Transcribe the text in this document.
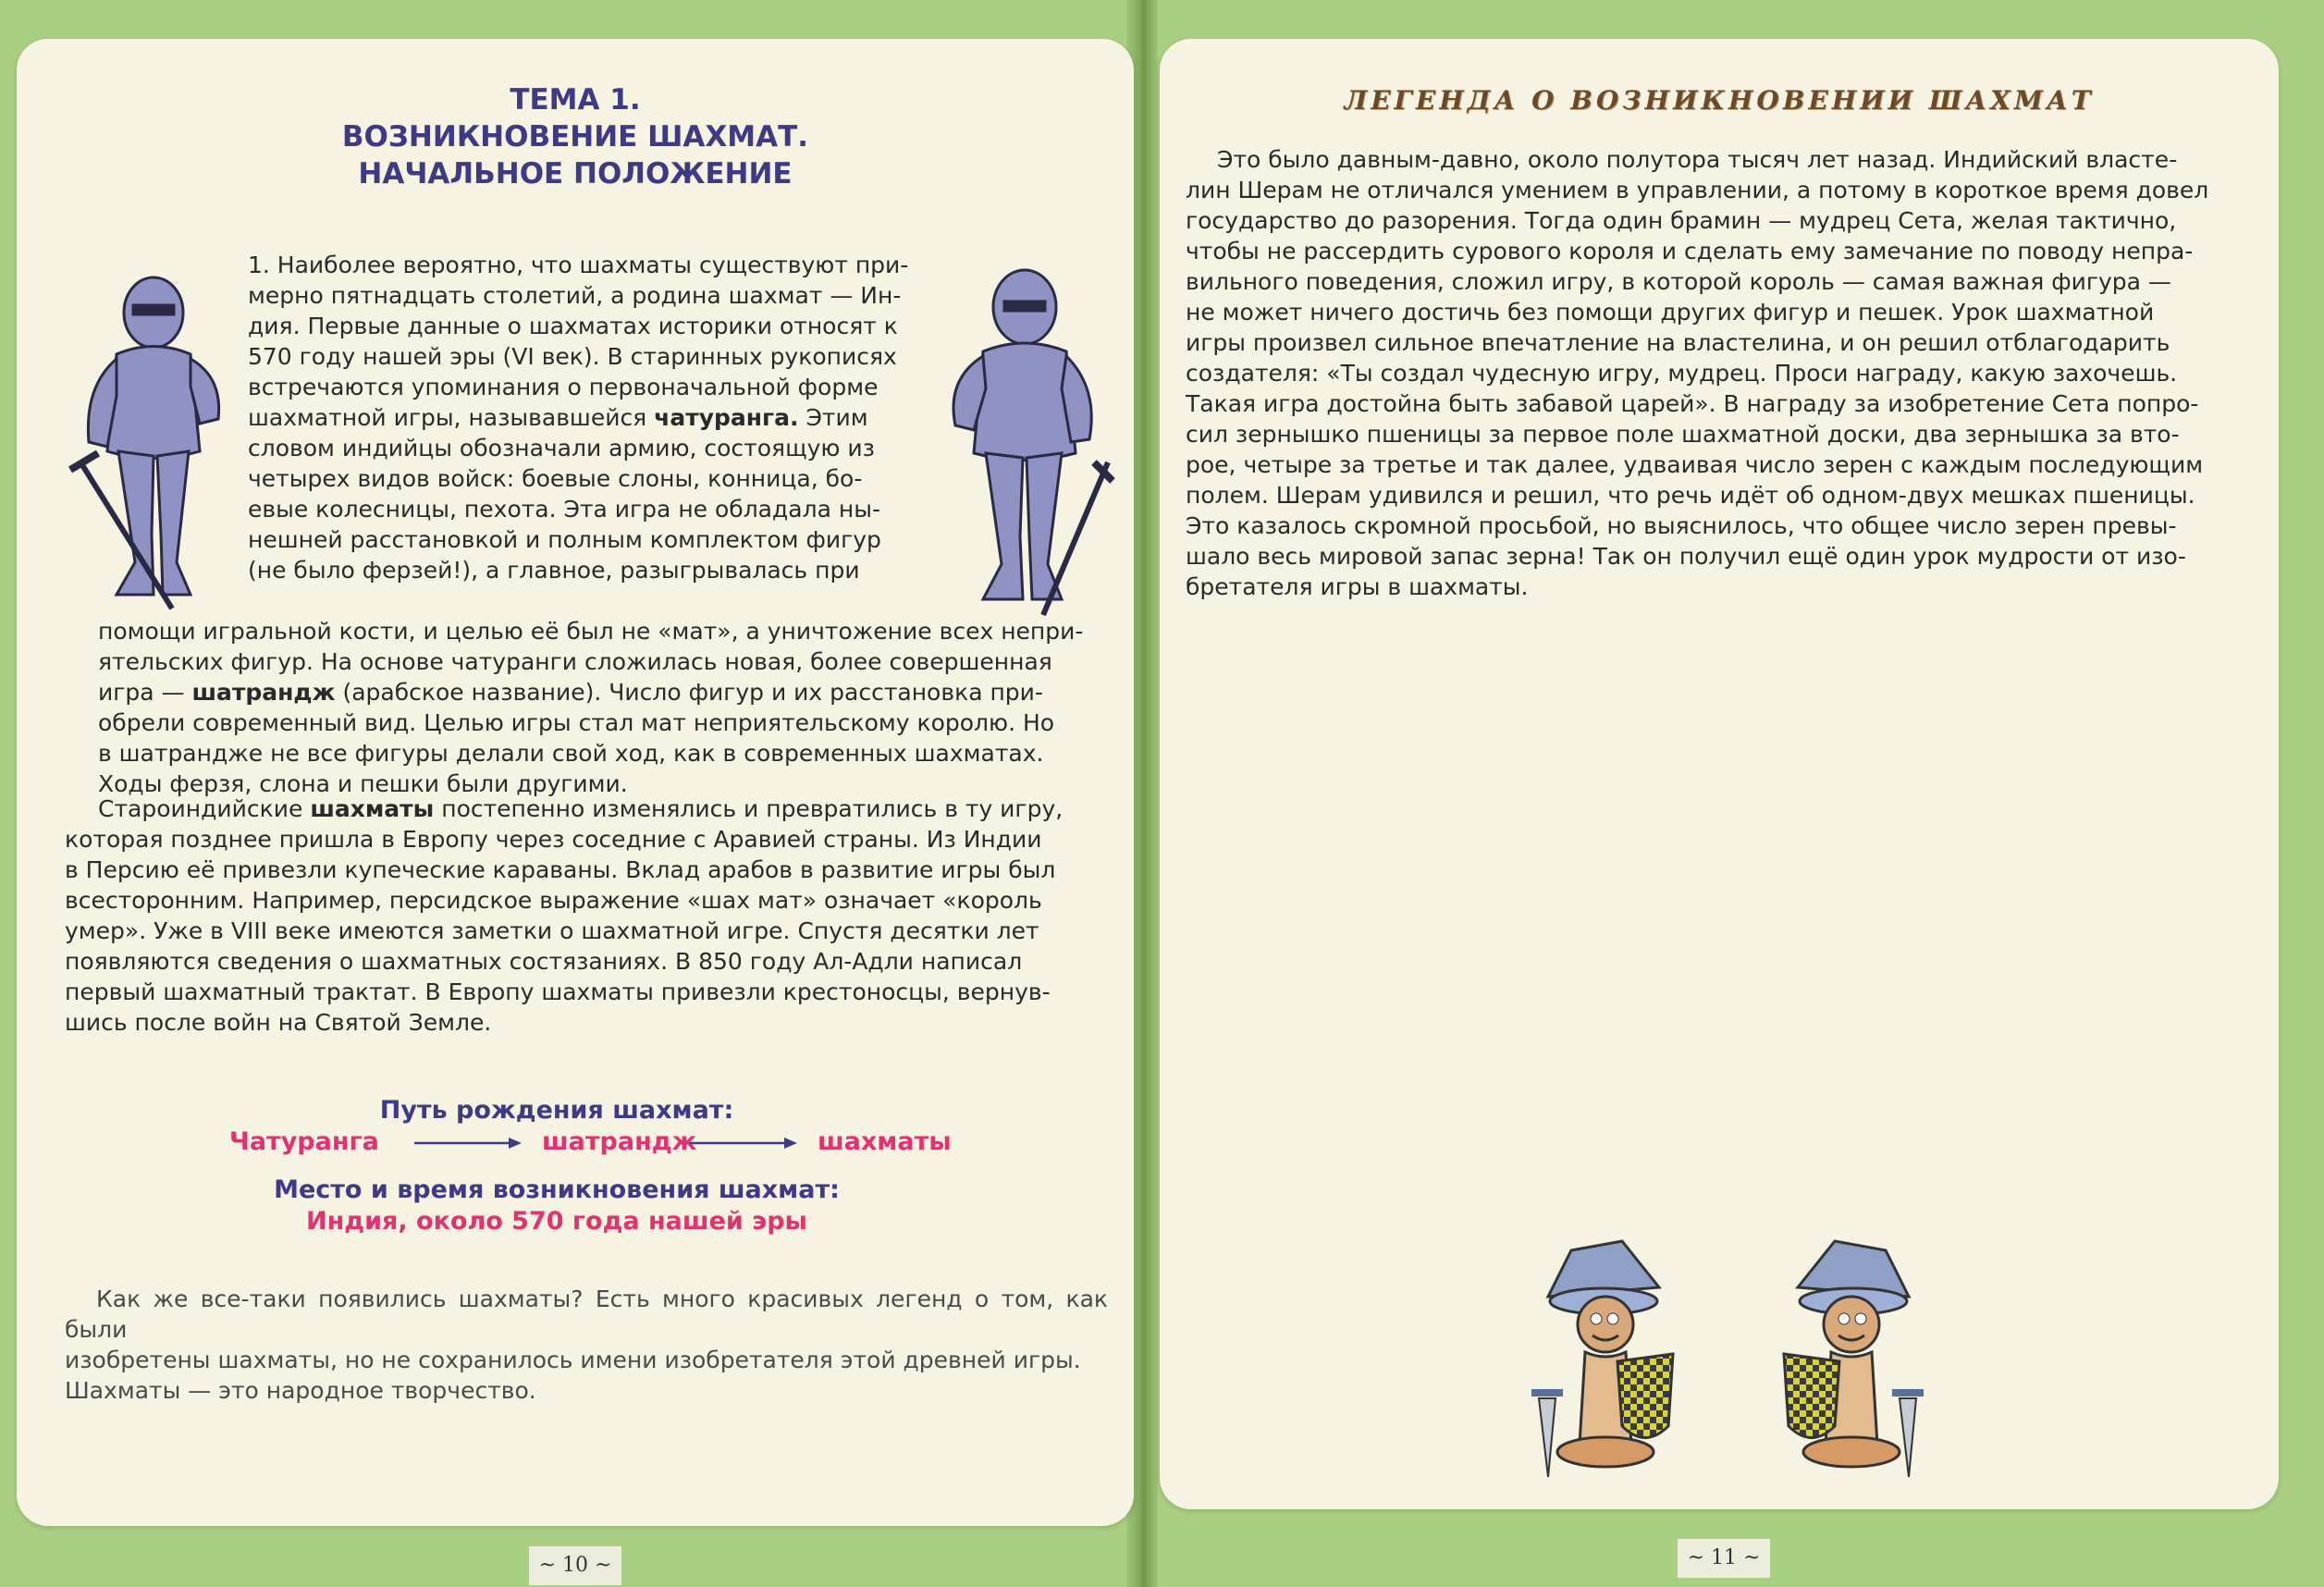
ТЕМА 1.
ВОЗНИКНОВЕНИЕ ШАХМАТ.
НАЧАЛЬНОЕ ПОЛОЖЕНИЕ
1. Наиболее вероятно, что шахматы существуют при-
мерно пятнадцать столетий, а родина шахмат — Ин-
дия. Первые данные о шахматах историки относят к
570 году нашей эры (VI век). В старинных рукописях
встречаются упоминания о первоначальной форме
шахматной игры, называвшейся чатуранга. Этим
словом индийцы обозначали армию, состоящую из
четырех видов войск: боевые слоны, конница, бо-
евые колесницы, пехота. Эта игра не обладала ны-
нешней расстановкой и полным комплектом фигур
(не было ферзей!), а главное, разыгрывалась при
помощи игральной кости, и целью её был не «мат», а уничтожение всех непри-
ятельских фигур. На основе чатуранги сложилась новая, более совершенная
игра — шатрандж (арабское название). Число фигур и их расстановка при-
обрели современный вид. Целью игры стал мат неприятельскому королю. Но
в шатрандже не все фигуры делали свой ход, как в современных шахматах.
Ходы ферзя, слона и пешки были другими.
Староиндийские шахматы постепенно изменялись и превратились в ту игру,
которая позднее пришла в Европу через соседние с Аравией страны. Из Индии
в Персию её привезли купеческие караваны. Вклад арабов в развитие игры был
всесторонним. Например, персидское выражение «шах мат» означает «король
умер». Уже в VIII веке имеются заметки о шахматной игре. Спустя десятки лет
появляются сведения о шахматных состязаниях. В 850 году Ал-Адли написал
первый шахматный трактат. В Европу шахматы привезли крестоносцы, вернув-
шись после войн на Святой Земле.
Путь рождения шахмат:
Чатуранга	шатрандж	шахматы
Место и время возникновения шахмат:
Индия, около 570 года нашей эры
Как же все-таки появились шахматы? Есть много красивых легенд о том, как были
изобретены шахматы, но не сохранилось имени изобретателя этой древней игры.
Шахматы — это народное творчество.
~ 10 ~
ЛЕГЕНДА О ВОЗНИКНОВЕНИИ ШАХМАТ
Это было давным-давно, около полутора тысяч лет назад. Индийский власте-
лин Шерам не отличался умением в управлении, а потому в короткое время довел
государство до разорения. Тогда один брамин — мудрец Сета, желая тактично,
чтобы не рассердить сурового короля и сделать ему замечание по поводу непра-
вильного поведения, сложил игру, в которой король — самая важная фигура —
не может ничего достичь без помощи других фигур и пешек. Урок шахматной
игры произвел сильное впечатление на властелина, и он решил отблагодарить
создателя: «Ты создал чудесную игру, мудрец. Проси награду, какую захочешь.
Такая игра достойна быть забавой царей». В награду за изобретение Сета попро-
сил зернышко пшеницы за первое поле шахматной доски, два зернышка за вто-
рое, четыре за третье и так далее, удваивая число зерен с каждым последующим
полем. Шерам удивился и решил, что речь идёт об одном-двух мешках пшеницы.
Это казалось скромной просьбой, но выяснилось, что общее число зерен превы-
шало весь мировой запас зерна! Так он получил ещё один урок мудрости от изо-
бретателя игры в шахматы.
~ 11 ~
